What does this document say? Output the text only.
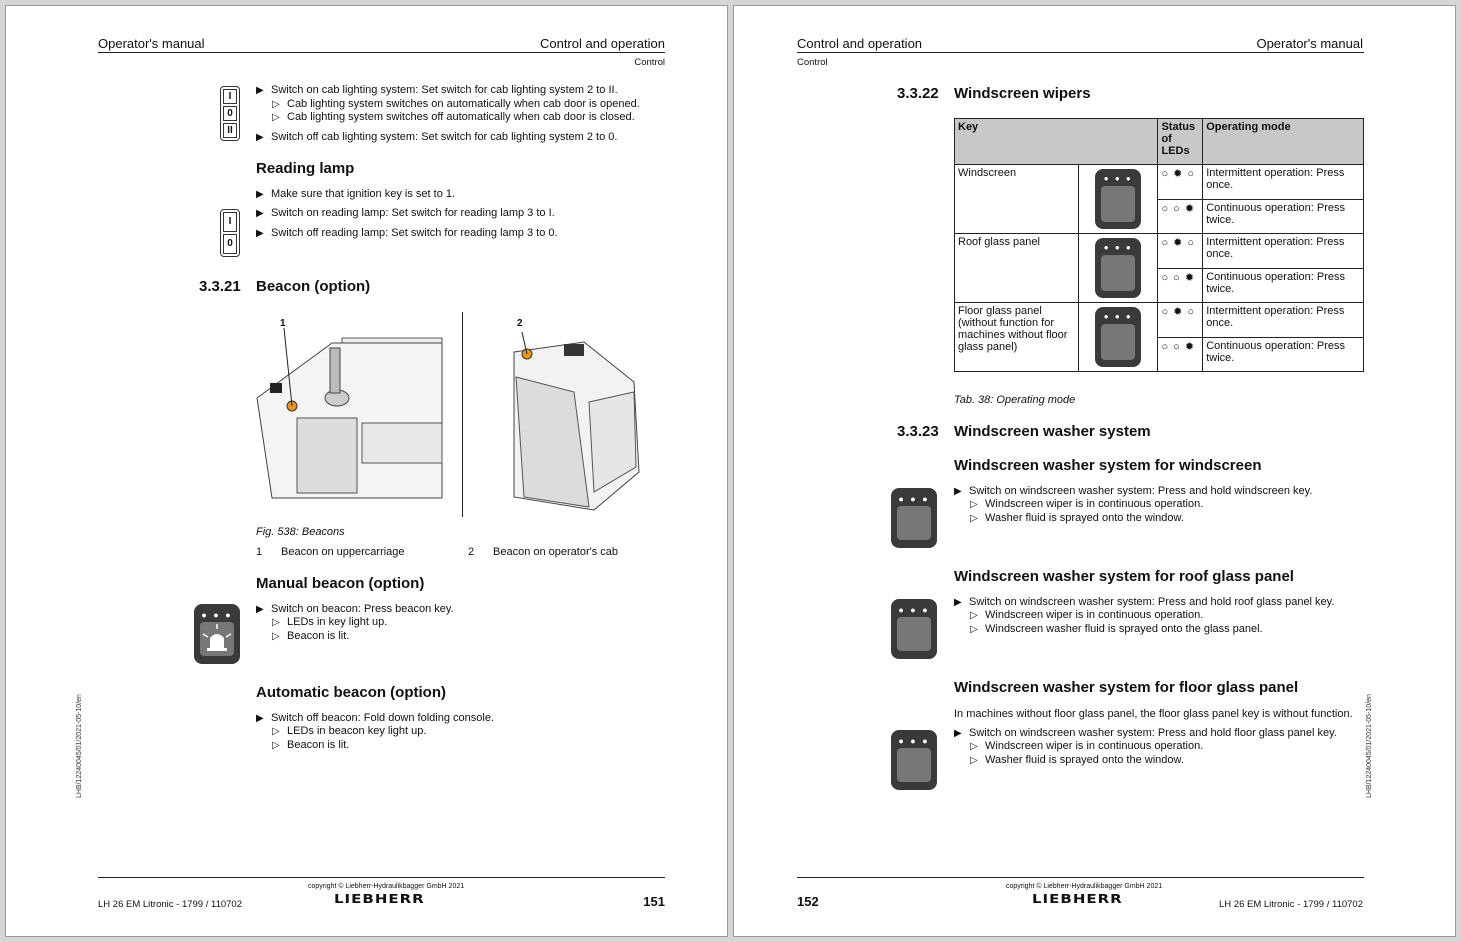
Operator's manual	Control and operation
Control
I
0
II
▶ Switch on cab lighting system: Set switch for cab lighting system 2 to II.
▷ Cab lighting system switches on automatically when cab door is opened.
▷ Cab lighting system switches off automatically when cab door is closed.
▶ Switch off cab lighting system: Set switch for cab lighting system 2 to 0.
Reading lamp
▶ Make sure that ignition key is set to 1.
I
0
▶ Switch on reading lamp: Set switch for reading lamp 3 to I.
▶ Switch off reading lamp: Set switch for reading lamp 3 to 0.
3.3.21 Beacon (option)
1	2
Fig. 538: Beacons
1 Beacon on uppercarriage	2 Beacon on operator's cab
Manual beacon (option)
● ● ●	▶ Switch on beacon: Press beacon key.
▷ LEDs in key light up.
▷ Beacon is lit.
Automatic beacon (option)
▶ Switch off beacon: Fold down folding console.
▷ LEDs in beacon key light up.
▷ Beacon is lit.
LHB/12240045/01/2021-05-10/en
copyright © Liebherr-Hydraulikbagger GmbH 2021
LIEBHERR
LH 26 EM Litronic - 1799 / 110702	151
Control and operation	Operator's manual
Control
3.3.22 Windscreen wipers
Key		Status of LEDs	Operating mode
Windscreen	● ● ●	○ ✹ ○	Intermittent operation: Press once.
		○ ○ ✹	Continuous operation: Press twice.
Roof glass panel	● ● ●	○ ✹ ○	Intermittent operation: Press once.
		○ ○ ✹	Continuous operation: Press twice.
Floor glass panel (without function for machines without floor glass panel)	● ● ●	○ ✹ ○	Intermittent operation: Press once.
		○ ○ ✹	Continuous operation: Press twice.
Tab. 38: Operating mode
3.3.23 Windscreen washer system
Windscreen washer system for windscreen
● ● ●
▶ Switch on windscreen washer system: Press and hold windscreen key.
▷ Windscreen wiper is in continuous operation.
▷ Washer fluid is sprayed onto the window.
Windscreen washer system for roof glass panel
● ● ●
▶ Switch on windscreen washer system: Press and hold roof glass panel key.
▷ Windscreen wiper is in continuous operation.
▷ Windscreen washer fluid is sprayed onto the glass panel.
Windscreen washer system for floor glass panel
In machines without floor glass panel, the floor glass panel key is without function.
● ● ●
▶ Switch on windscreen washer system: Press and hold floor glass panel key.
▷ Windscreen wiper is in continuous operation.
▷ Washer fluid is sprayed onto the window.	LHB/12240045/01/2021-05-10/en
copyright © Liebherr-Hydraulikbagger GmbH 2021
LIEBHERR
152	LH 26 EM Litronic - 1799 / 110702
